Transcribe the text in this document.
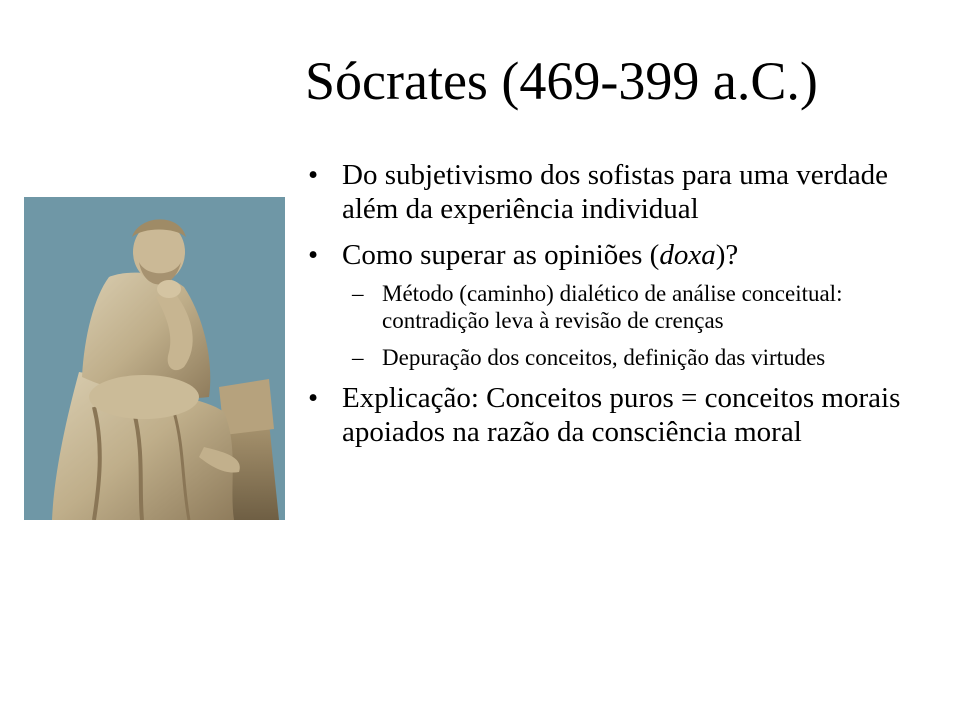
Sócrates (469-399 a.C.)
• Do subjetivismo dos sofistas para uma verdade além da experiência individual
• Como superar as opiniões (doxa)?
– Método (caminho) dialético de análise conceitual: contradição leva à revisão de crenças
– Depuração dos conceitos, definição das virtudes
• Explicação: Conceitos puros = conceitos morais apoiados na razão da consciência moral
